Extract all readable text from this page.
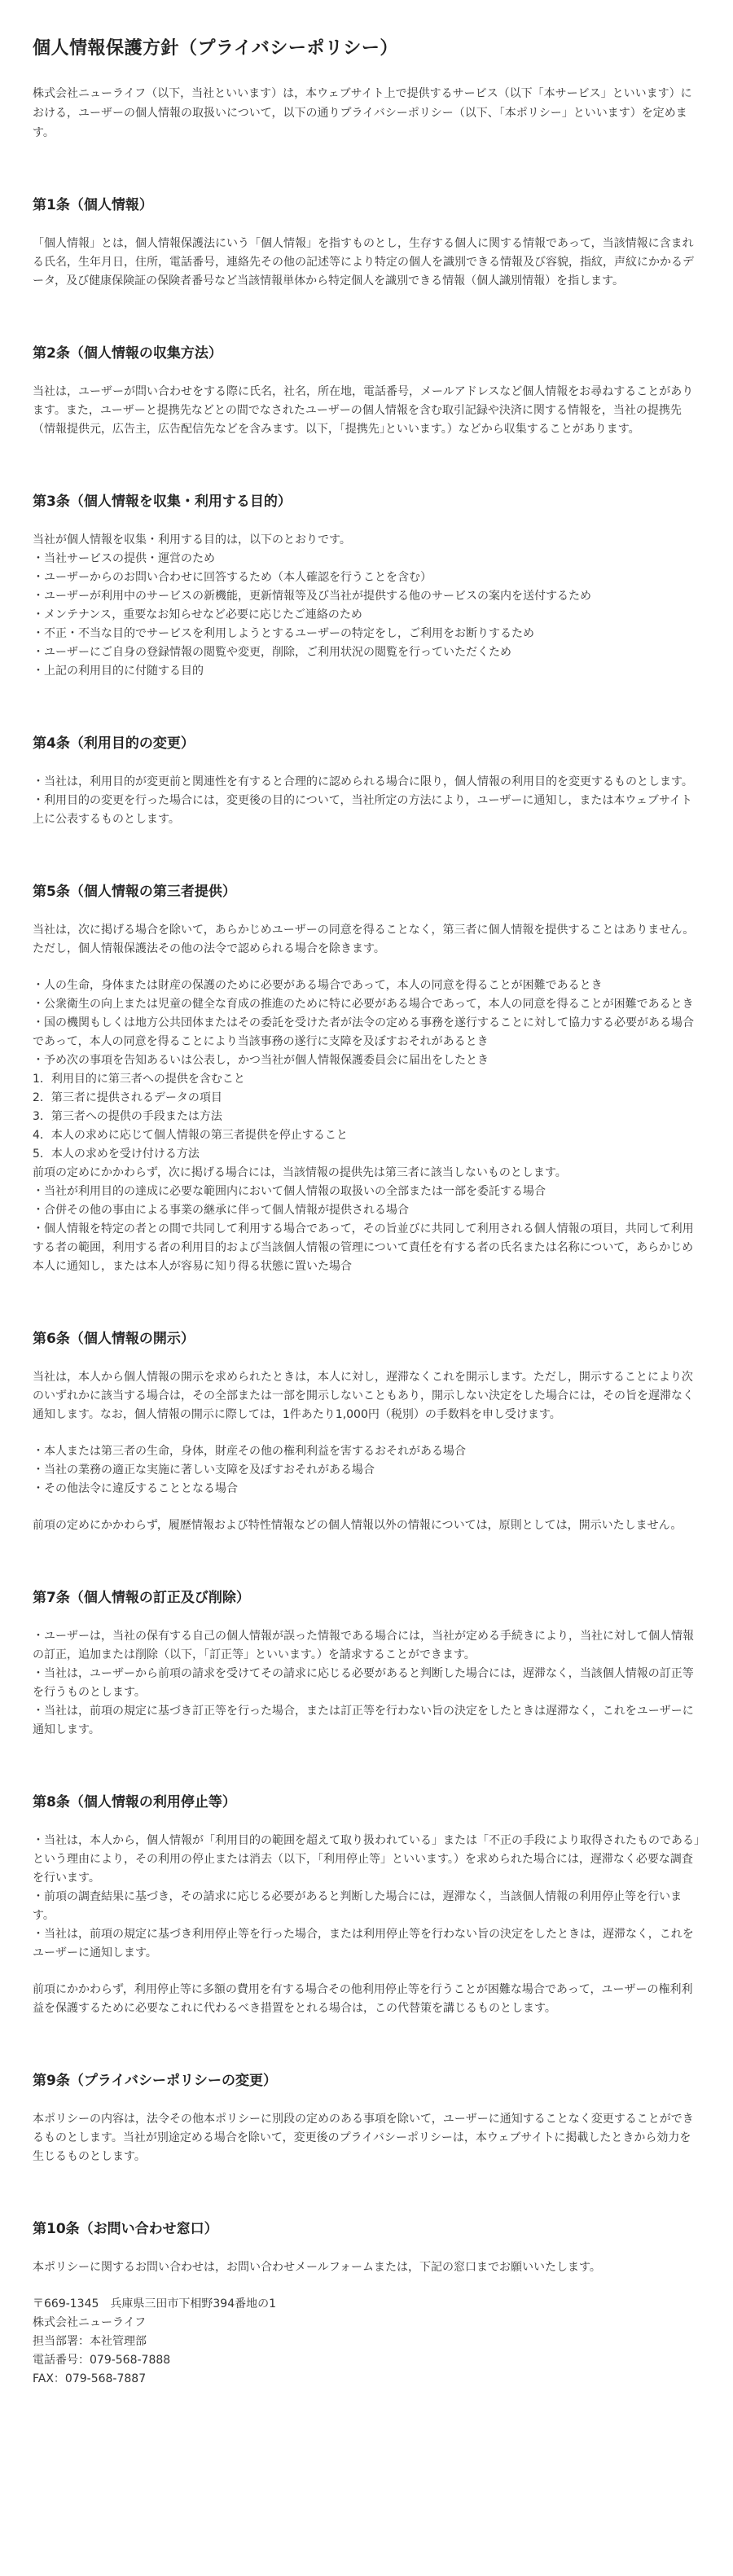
個人情報保護方針（プライバシーポリシー）

株式会社ニューライフ（以下，当社といいます）は，本ウェブサイト上で提供するサービス（以下「本サービス」といいます）における，ユーザーの個人情報の取扱いについて，以下の通りプライバシーポリシー（以下、「本ポリシー」といいます）を定めます。

第1条（個人情報）

「個人情報」とは，個人情報保護法にいう「個人情報」を指すものとし，生存する個人に関する情報であって，当該情報に含まれる氏名，生年月日，住所，電話番号，連絡先その他の記述等により特定の個人を識別できる情報及び容貌，指紋，声紋にかかるデータ，及び健康保険証の保険者番号など当該情報単体から特定個人を識別できる情報（個人識別情報）を指します。

第2条（個人情報の収集方法）

当社は，ユーザーが問い合わせをする際に氏名，社名，所在地，電話番号，メールアドレスなど個人情報をお尋ねすることがあります。また，ユーザーと提携先などとの間でなされたユーザーの個人情報を含む取引記録や決済に関する情報を，当社の提携先（情報提供元，広告主，広告配信先などを含みます。以下，｢提携先｣といいます。）などから収集することがあります。

第3条（個人情報を収集・利用する目的）

当社が個人情報を収集・利用する目的は，以下のとおりです。

・当社サービスの提供・運営のため

・ユーザーからのお問い合わせに回答するため（本人確認を行うことを含む）

・ユーザーが利用中のサービスの新機能，更新情報等及び当社が提供する他のサービスの案内を送付するため

・メンテナンス，重要なお知らせなど必要に応じたご連絡のため

・不正・不当な目的でサービスを利用しようとするユーザーの特定をし，ご利用をお断りするため

・ユーザーにご自身の登録情報の閲覧や変更，削除，ご利用状況の閲覧を行っていただくため

・上記の利用目的に付随する目的

第4条（利用目的の変更）

・当社は，利用目的が変更前と関連性を有すると合理的に認められる場合に限り，個人情報の利用目的を変更するものとします。

・利用目的の変更を行った場合には，変更後の目的について，当社所定の方法により，ユーザーに通知し，または本ウェブサイト上に公表するものとします。

第5条（個人情報の第三者提供）

当社は，次に掲げる場合を除いて，あらかじめユーザーの同意を得ることなく，第三者に個人情報を提供することはありません。ただし，個人情報保護法その他の法令で認められる場合を除きます。

・人の生命，身体または財産の保護のために必要がある場合であって，本人の同意を得ることが困難であるとき

・公衆衛生の向上または児童の健全な育成の推進のために特に必要がある場合であって，本人の同意を得ることが困難であるとき

・国の機関もしくは地方公共団体またはその委託を受けた者が法令の定める事務を遂行することに対して協力する必要がある場合であって，本人の同意を得ることにより当該事務の遂行に支障を及ぼすおそれがあるとき

・予め次の事項を告知あるいは公表し，かつ当社が個人情報保護委員会に届出をしたとき

1．利用目的に第三者への提供を含むこと

2．第三者に提供されるデータの項目

3．第三者への提供の手段または方法

4．本人の求めに応じて個人情報の第三者提供を停止すること

5．本人の求めを受け付ける方法

前項の定めにかかわらず，次に掲げる場合には，当該情報の提供先は第三者に該当しないものとします。

・当社が利用目的の達成に必要な範囲内において個人情報の取扱いの全部または一部を委託する場合

・合併その他の事由による事業の継承に伴って個人情報が提供される場合

・個人情報を特定の者との間で共同して利用する場合であって，その旨並びに共同して利用される個人情報の項目，共同して利用する者の範囲，利用する者の利用目的および当該個人情報の管理について責任を有する者の氏名または名称について，あらかじめ本人に通知し，または本人が容易に知り得る状態に置いた場合

第6条（個人情報の開示）

当社は，本人から個人情報の開示を求められたときは，本人に対し，遅滞なくこれを開示します。ただし，開示することにより次のいずれかに該当する場合は，その全部または一部を開示しないこともあり，開示しない決定をした場合には，その旨を遅滞なく通知します。なお，個人情報の開示に際しては，1件あたり1,000円（税別）の手数料を申し受けます。

・本人または第三者の生命，身体，財産その他の権利利益を害するおそれがある場合

・当社の業務の適正な実施に著しい支障を及ぼすおそれがある場合

・その他法令に違反することとなる場合

前項の定めにかかわらず，履歴情報および特性情報などの個人情報以外の情報については，原則としては，開示いたしません。

第7条（個人情報の訂正及び削除）

・ユーザーは，当社の保有する自己の個人情報が誤った情報である場合には，当社が定める手続きにより，当社に対して個人情報の訂正，追加または削除（以下，「訂正等」といいます。）を請求することができます。

・当社は，ユーザーから前項の請求を受けてその請求に応じる必要があると判断した場合には，遅滞なく，当該個人情報の訂正等を行うものとします。

・当社は，前項の規定に基づき訂正等を行った場合，または訂正等を行わない旨の決定をしたときは遅滞なく，これをユーザーに通知します。

第8条（個人情報の利用停止等）

・当社は，本人から，個人情報が「利用目的の範囲を超えて取り扱われている」または「不正の手段により取得されたものである」という理由により，その利用の停止または消去（以下，「利用停止等」といいます。）を求められた場合には，遅滞なく必要な調査を行います。

・前項の調査結果に基づき，その請求に応じる必要があると判断した場合には，遅滞なく，当該個人情報の利用停止等を行います。

・当社は，前項の規定に基づき利用停止等を行った場合，または利用停止等を行わない旨の決定をしたときは，遅滞なく，これをユーザーに通知します。

前項にかかわらず，利用停止等に多額の費用を有する場合その他利用停止等を行うことが困難な場合であって，ユーザーの権利利益を保護するために必要なこれに代わるべき措置をとれる場合は，この代替策を講じるものとします。

第9条（プライバシーポリシーの変更）

本ポリシーの内容は，法令その他本ポリシーに別段の定めのある事項を除いて，ユーザーに通知することなく変更することができるものとします。当社が別途定める場合を除いて，変更後のプライバシーポリシーは，本ウェブサイトに掲載したときから効力を生じるものとします。

第10条（お問い合わせ窓口）

本ポリシーに関するお問い合わせは，お問い合わせメールフォームまたは，下記の窓口までお願いいたします。

〒669-1345　兵庫県三田市下相野394番地の1

株式会社ニューライフ

担当部署：本社管理部

電話番号：079-568-7888

FAX：079-568-7887
